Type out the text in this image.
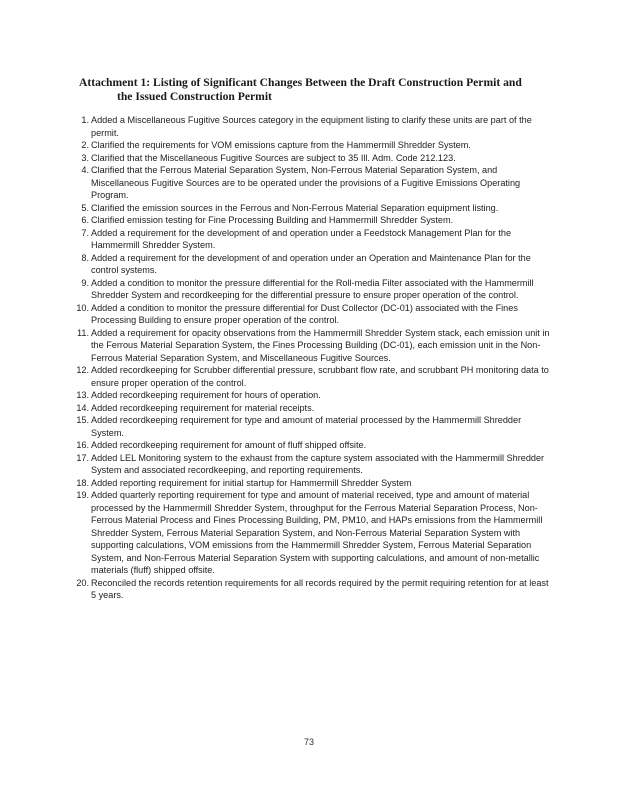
Attachment 1: Listing of Significant Changes Between the Draft Construction Permit and
the Issued Construction Permit
1. Added a Miscellaneous Fugitive Sources category in the equipment listing to clarify these units are part of the permit.
2. Clarified the requirements for VOM emissions capture from the Hammermill Shredder System.
3. Clarified that the Miscellaneous Fugitive Sources are subject to 35 Ill. Adm. Code 212.123.
4. Clarified that the Ferrous Material Separation System, Non-Ferrous Material Separation System, and Miscellaneous Fugitive Sources are to be operated under the provisions of a Fugitive Emissions Operating Program.
5. Clarified the emission sources in the Ferrous and Non-Ferrous Material Separation equipment listing.
6. Clarified emission testing for Fine Processing Building and Hammermill Shredder System.
7. Added a requirement for the development of and operation under a Feedstock Management Plan for the Hammermill Shredder System.
8. Added a requirement for the development of and operation under an Operation and Maintenance Plan for the control systems.
9. Added a condition to monitor the pressure differential for the Roll-media Filter associated with the Hammermill Shredder System and recordkeeping for the differential pressure to ensure proper operation of the control.
10. Added a condition to monitor the pressure differential for Dust Collector (DC-01) associated with the Fines Processing Building to ensure proper operation of the control.
11. Added a requirement for opacity observations from the Hammermill Shredder System stack, each emission unit in the Ferrous Material Separation System, the Fines Processing Building (DC-01), each emission unit in the Non-Ferrous Material Separation System, and Miscellaneous Fugitive Sources.
12. Added recordkeeping for Scrubber differential pressure, scrubbant flow rate, and scrubbant PH monitoring data to ensure proper operation of the control.
13. Added recordkeeping requirement for hours of operation.
14. Added recordkeeping requirement for material receipts.
15. Added recordkeeping requirement for type and amount of material processed by the Hammermill Shredder System.
16. Added recordkeeping requirement for amount of fluff shipped offsite.
17. Added LEL Monitoring system to the exhaust from the capture system associated with the Hammermill Shredder System and associated recordkeeping, and reporting requirements.
18. Added reporting requirement for initial startup for Hammermill Shredder System
19. Added quarterly reporting requirement for type and amount of material received, type and amount of material processed by the Hammermill Shredder System, throughput for the Ferrous Material Separation Process, Non-Ferrous Material Process and Fines Processing Building, PM, PM10, and HAPs emissions from the Hammermill Shredder System, Ferrous Material Separation System, and Non-Ferrous Material Separation System with supporting calculations, VOM emissions from the Hammermill Shredder System, Ferrous Material Separation System, and Non-Ferrous Material Separation System with supporting calculations, and amount of non-metallic materials (fluff) shipped offsite.
20. Reconciled the records retention requirements for all records required by the permit requiring retention for at least 5 years.
73
